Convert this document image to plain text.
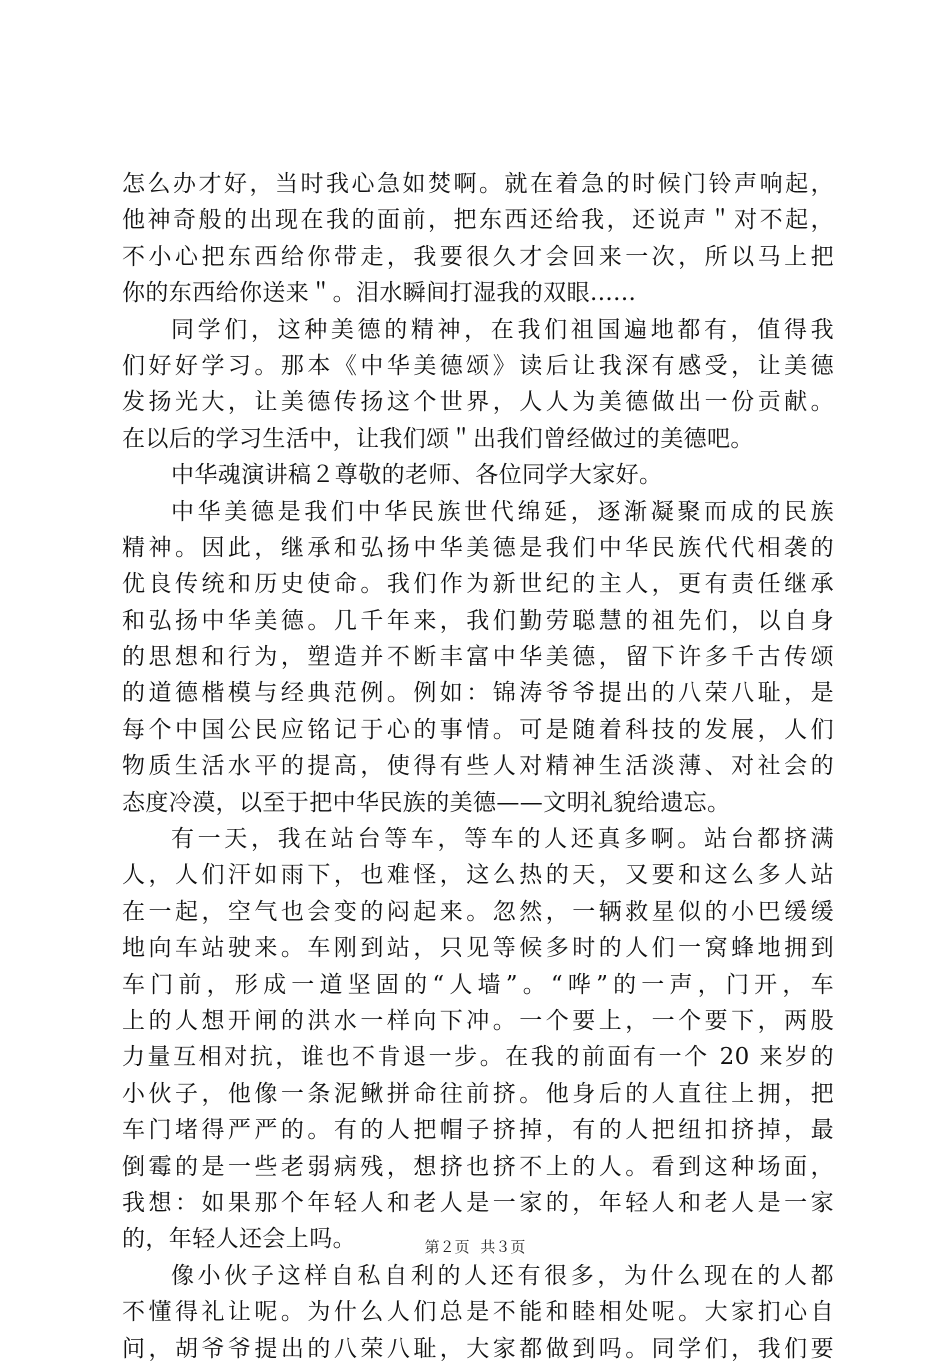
怎么办才好，当时我心急如焚啊。就在着急的时候门铃声响起，
他神奇般的出现在我的面前，把东西还给我，还说声＂对不起，
不小心把东西给你带走，我要很久才会回来一次，所以马上把
你的东西给你送来＂。泪水瞬间打湿我的双眼......
同学们，这种美德的精神，在我们祖国遍地都有，值得我
们好好学习。那本《中华美德颂》读后让我深有感受，让美德
发扬光大，让美德传扬这个世界，人人为美德做出一份贡献。
在以后的学习生活中，让我们颂＂出我们曾经做过的美德吧。
中华魂演讲稿２尊敬的老师、各位同学大家好。
中华美德是我们中华民族世代绵延，逐渐凝聚而成的民族
精神。因此，继承和弘扬中华美德是我们中华民族代代相袭的
优良传统和历史使命。我们作为新世纪的主人，更有责任继承
和弘扬中华美德。几千年来，我们勤劳聪慧的祖先们，以自身
的思想和行为，塑造并不断丰富中华美德，留下许多千古传颂
的道德楷模与经典范例。例如：锦涛爷爷提出的八荣八耻，是
每个中国公民应铭记于心的事情。可是随着科技的发展，人们
物质生活水平的提高，使得有些人对精神生活淡薄、对社会的
态度冷漠，以至于把中华民族的美德——文明礼貌给遗忘。
有一天，我在站台等车，等车的人还真多啊。站台都挤满
人，人们汗如雨下，也难怪，这么热的天，又要和这么多人站
在一起，空气也会变的闷起来。忽然，一辆救星似的小巴缓缓
地向车站驶来。车刚到站，只见等候多时的人们一窝蜂地拥到
车门前，形成一道坚固的“人墙”。“哗”的一声，门开，车
上的人想开闸的洪水一样向下冲。一个要上，一个要下，两股
力量互相对抗，谁也不肯退一步。在我的前面有一个 20 来岁的
小伙子，他像一条泥鳅拼命往前挤。他身后的人直往上拥，把
车门堵得严严的。有的人把帽子挤掉，有的人把纽扣挤掉，最
倒霉的是一些老弱病残，想挤也挤不上的人。看到这种场面，
我想：如果那个年轻人和老人是一家的，年轻人和老人是一家
的，年轻人还会上吗。
像小伙子这样自私自利的人还有很多，为什么现在的人都
不懂得礼让呢。为什么人们总是不能和睦相处呢。大家扪心自
问，胡爷爷提出的八荣八耻，大家都做到吗。同学们，我们要
第２页 共３页
